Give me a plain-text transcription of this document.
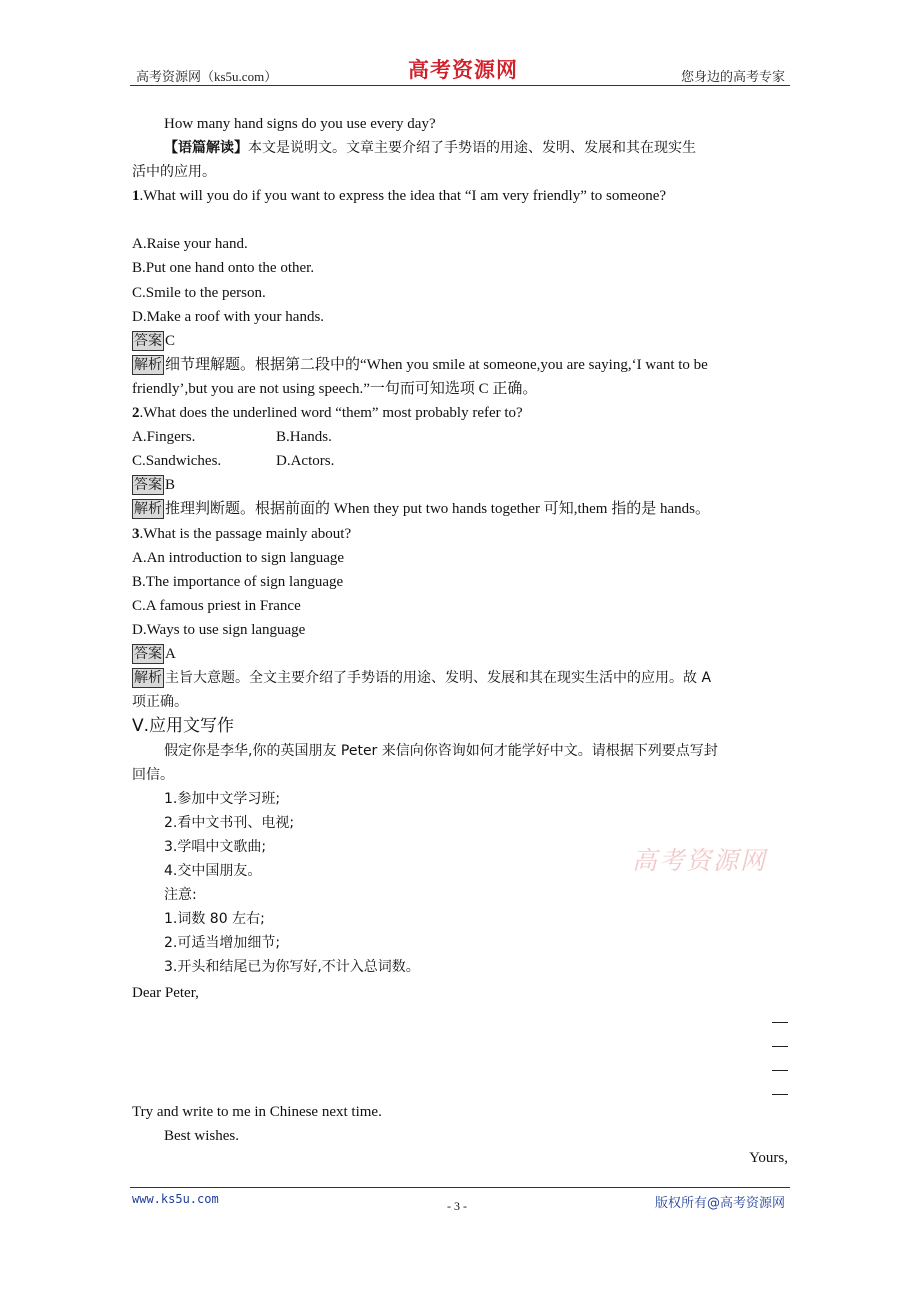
高考资源网（ks5u.com）	高考资源网	您身边的高考专家
How many hand signs do you use every day?
【语篇解读】本文是说明文。文章主要介绍了手势语的用途、发明、发展和其在现实生
活中的应用。
1.What will you do if you want to express the idea that “I am very friendly” to someone?
A.Raise your hand.
B.Put one hand onto the other.
C.Smile to the person.
D.Make a roof with your hands.
答案 C
解析 细节理解题。根据第二段中的“When you smile at someone,you are saying,‘I want to be
friendly’,but you are not using speech.”一句而可知选项 C 正确。
2.What does the underlined word “them” most probably refer to?
A.Fingers.	B.Hands.
C.Sandwiches.	D.Actors.
答案 B
解析 推理判断题。根据前面的 When they put two hands together 可知,them 指的是 hands。
3.What is the passage mainly about?
A.An introduction to sign language
B.The importance of sign language
C.A famous priest in France
D.Ways to use sign language
答案 A
解析 主旨大意题。全文主要介绍了手势语的用途、发明、发展和其在现实生活中的应用。故 A
项正确。
Ⅴ.应用文写作
假定你是李华,你的英国朋友 Peter 来信向你咨询如何才能学好中文。请根据下列要点写封
回信。
1.参加中文学习班;
2.看中文书刊、电视;
3.学唱中文歌曲;
4.交中国朋友。
注意:
1.词数 80 左右;
2.可适当增加细节;
3.开头和结尾已为你写好,不计入总词数。
Dear Peter,
Try and write to me in Chinese next time.
Best wishes.
Yours,
高考资源网
www.ks5u.com	- 3 -	版权所有@高考资源网
